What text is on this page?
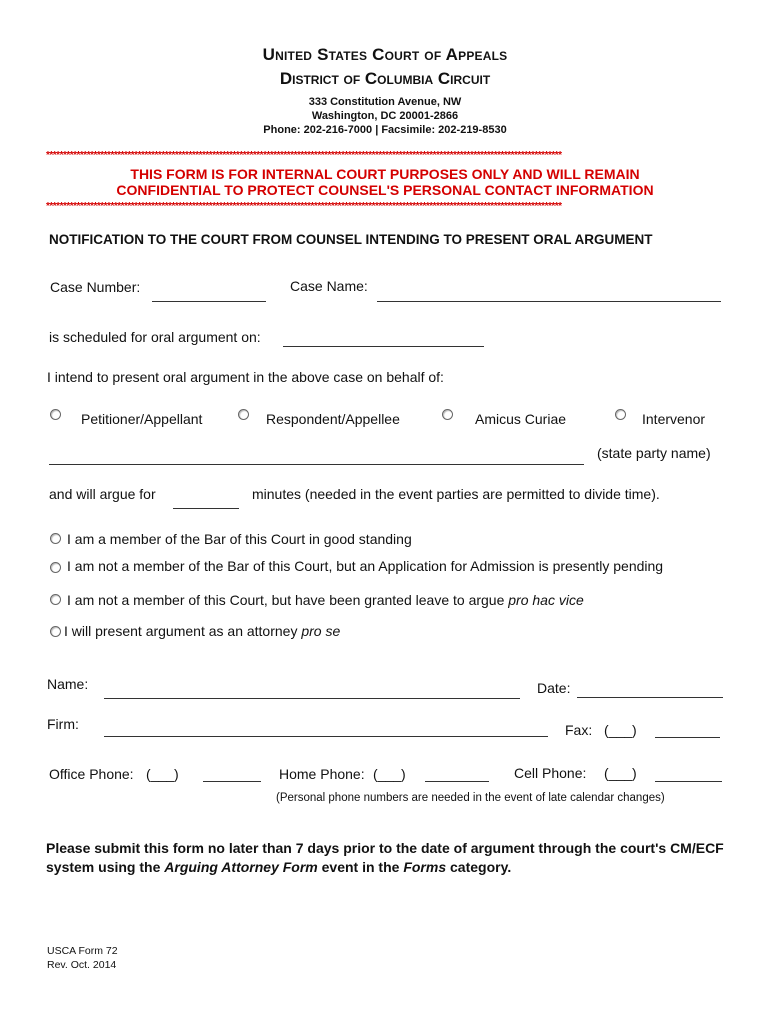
United States Court of Appeals
District of Columbia Circuit
333 Constitution Avenue, NW
Washington, DC 20001-2866
Phone: 202-216-7000 | Facsimile: 202-219-8530
********************************************************************************************************************************************************
THIS FORM IS FOR INTERNAL COURT PURPOSES ONLY AND WILL REMAIN
CONFIDENTIAL TO PROTECT COUNSEL'S PERSONAL CONTACT INFORMATION
********************************************************************************************************************************************************
NOTIFICATION TO THE COURT FROM COUNSEL INTENDING TO PRESENT ORAL ARGUMENT
Case Number:	Case Name:
is scheduled for oral argument on:
I intend to present oral argument in the above case on behalf of:
Petitioner/Appellant	Respondent/Appellee	Amicus Curiae	Intervenor
(state party name)
and will argue for	minutes (needed in the event parties are permitted to divide time).
I am a member of the Bar of this Court in good standing
I am not a member of the Bar of this Court, but an Application for Admission is presently pending
I am not a member of this Court, but have been granted leave to argue pro hac vice
I will present argument as an attorney pro se
Name:	Date:
Firm:	Fax: (___)
Office Phone: (___)	Home Phone: (___)	Cell Phone: (___)
(Personal phone numbers are needed in the event of late calendar changes)
Please submit this form no later than 7 days prior to the date of argument through the court's CM/ECF system using the Arguing Attorney Form event in the Forms category.
USCA Form 72
Rev. Oct. 2014
